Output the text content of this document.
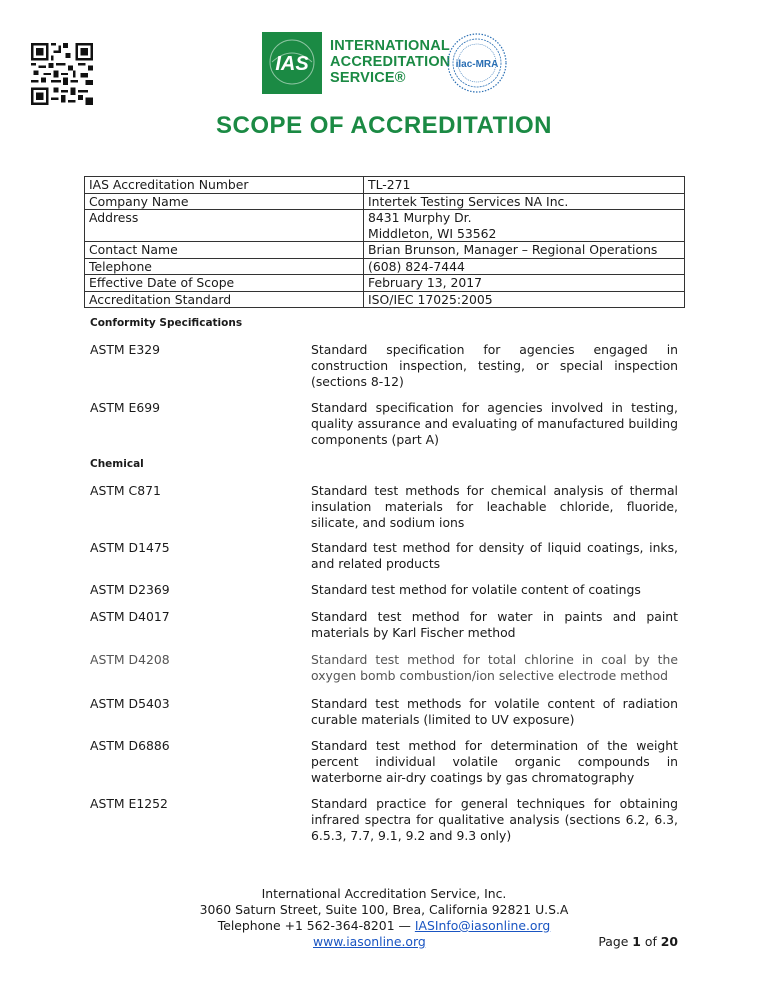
IAS
INTERNATIONAL
ACCREDITATION
SERVICE®
ilac-MRA
SCOPE OF ACCREDITATION
IAS Accreditation Number	TL-271
Company Name	Intertek Testing Services NA Inc.
Address	8431 Murphy Dr.
Middleton, WI 53562

Contact Name	Brian Brunson, Manager – Regional Operations
Telephone	(608) 824-7444
Effective Date of Scope	February 13, 2017
Accreditation Standard	ISO/IEC 17025:2005
Conformity Specifications
ASTM E329	Standard specification for agencies engaged in construction inspection, testing, or special inspection (sections 8-12)
ASTM E699	Standard specification for agencies involved in testing, quality assurance and evaluating of manufactured building components (part A)
Chemical
ASTM C871	Standard test methods for chemical analysis of thermal insulation materials for leachable chloride, fluoride, silicate, and sodium ions
ASTM D1475	Standard test method for density of liquid coatings, inks, and related products
ASTM D2369	Standard test method for volatile content of coatings
ASTM D4017	Standard test method for water in paints and paint materials by Karl Fischer method
ASTM D4208	Standard test method for total chlorine in coal by the oxygen bomb combustion/ion selective electrode method
ASTM D5403	Standard test methods for volatile content of radiation curable materials (limited to UV exposure)
ASTM D6886	Standard test method for determination of the weight percent individual volatile organic compounds in waterborne air-dry coatings by gas chromatography
ASTM E1252	Standard practice for general techniques for obtaining infrared spectra for qualitative analysis (sections 6.2, 6.3, 6.5.3, 7.7, 9.1, 9.2 and 9.3 only)
International Accreditation Service, Inc.
3060 Saturn Street, Suite 100, Brea, California 92821 U.S.A
Telephone +1 562-364-8201 — IASInfo@iasonline.org
www.iasonline.org	Page 1 of 20
